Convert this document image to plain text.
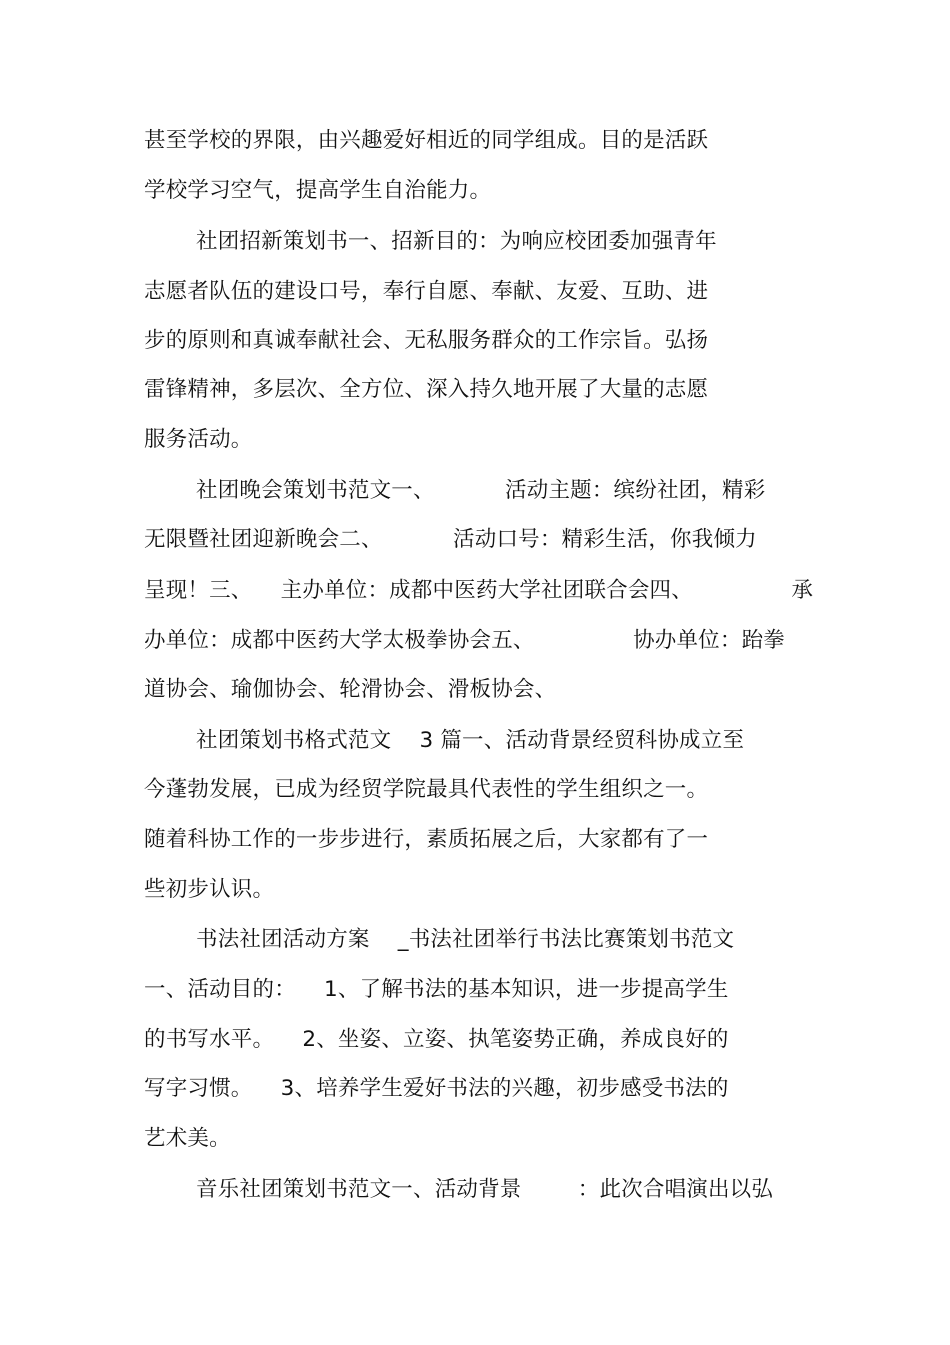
甚至学校的界限，由兴趣爱好相近的同学组成。目的是活跃
学校学习空气，提高学生自治能力。
社团招新策划书一、招新目的：为响应校团委加强青年
志愿者队伍的建设口号，奉行自愿、奉献、友爱、互助、进
步的原则和真诚奉献社会、无私服务群众的工作宗旨。弘扬
雷锋精神，多层次、全方位、深入持久地开展了大量的志愿
服务活动。
社团晚会策划书范文一、          活动主题：缤纷社团，精彩
无限暨社团迎新晚会二、          活动口号：精彩生活，你我倾力
呈现！三、    主办单位：成都中医药大学社团联合会四、              承
办单位：成都中医药大学太极拳协会五、              协办单位：跆拳
道协会、瑜伽协会、轮滑协会、滑板协会、
社团策划书格式范文    3 篇一、活动背景经贸科协成立至
今蓬勃发展，已成为经贸学院最具代表性的学生组织之一。
随着科协工作的一步步进行，素质拓展之后，大家都有了一
些初步认识。
书法社团活动方案    _书法社团举行书法比赛策划书范文
一、活动目的：    1、了解书法的基本知识，进一步提高学生
的书写水平。    2、坐姿、立姿、执笔姿势正确，养成良好的
写字习惯。    3、培养学生爱好书法的兴趣，初步感受书法的
艺术美。
音乐社团策划书范文一、活动背景        ：此次合唱演出以弘
